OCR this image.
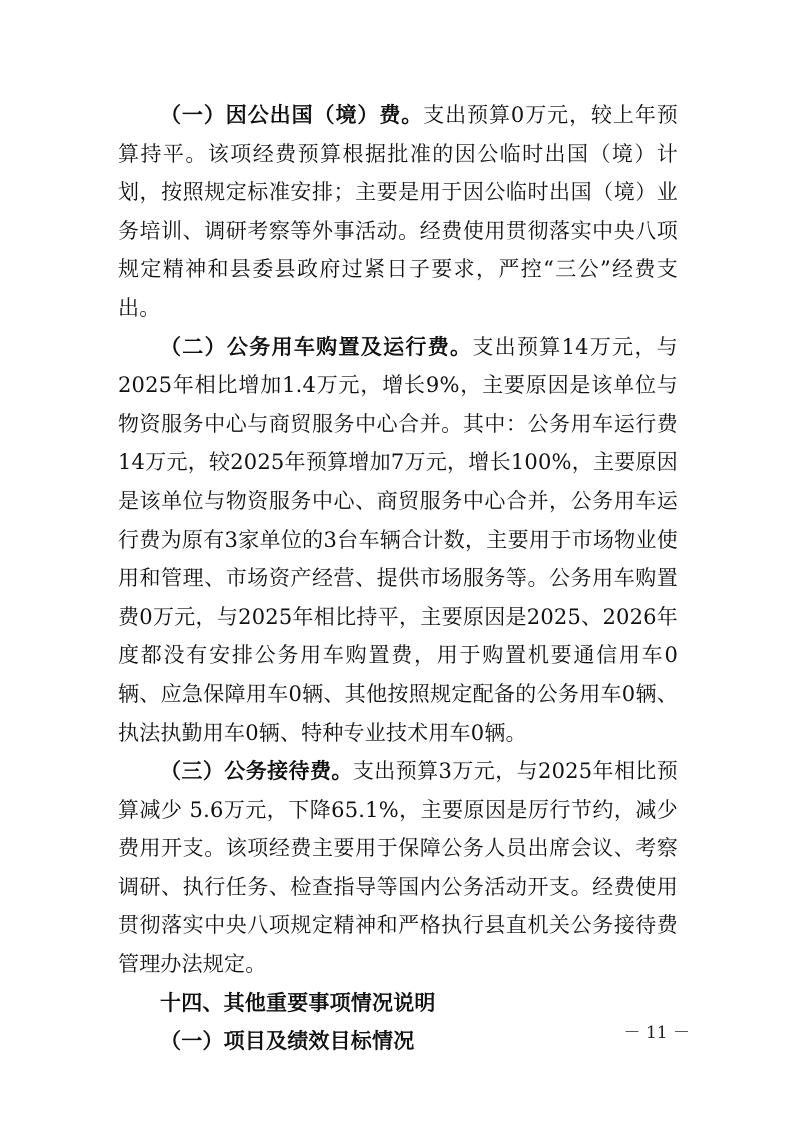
（一）因公出国（境）费。支出预算0万元，较上年预算持平。该项经费预算根据批准的因公临时出国（境）计划，按照规定标准安排；主要是用于因公临时出国（境）业务培训、调研考察等外事活动。经费使用贯彻落实中央八项规定精神和县委县政府过紧日子要求，严控“三公”经费支出。

（二）公务用车购置及运行费。支出预算14万元，与2025年相比增加1.4万元，增长9%，主要原因是该单位与物资服务中心与商贸服务中心合并。其中：公务用车运行费14万元，较2025年预算增加7万元，增长100%，主要原因是该单位与物资服务中心、商贸服务中心合并，公务用车运行费为原有3家单位的3台车辆合计数，主要用于市场物业使用和管理、市场资产经营、提供市场服务等。公务用车购置费0万元，与2025年相比持平，主要原因是2025、2026年度都没有安排公务用车购置费，用于购置机要通信用车0辆、应急保障用车0辆、其他按照规定配备的公务用车0辆、执法执勤用车0辆、特种专业技术用车0辆。

（三）公务接待费。支出预算3万元，与2025年相比预算减少 5.6万元，下降65.1%，主要原因是厉行节约，减少费用开支。该项经费主要用于保障公务人员出席会议、考察调研、执行任务、检查指导等国内公务活动开支。经费使用贯彻落实中央八项规定精神和严格执行县直机关公务接待费管理办法规定。

十四、其他重要事项情况说明

（一）项目及绩效目标情况	－ 11 －
